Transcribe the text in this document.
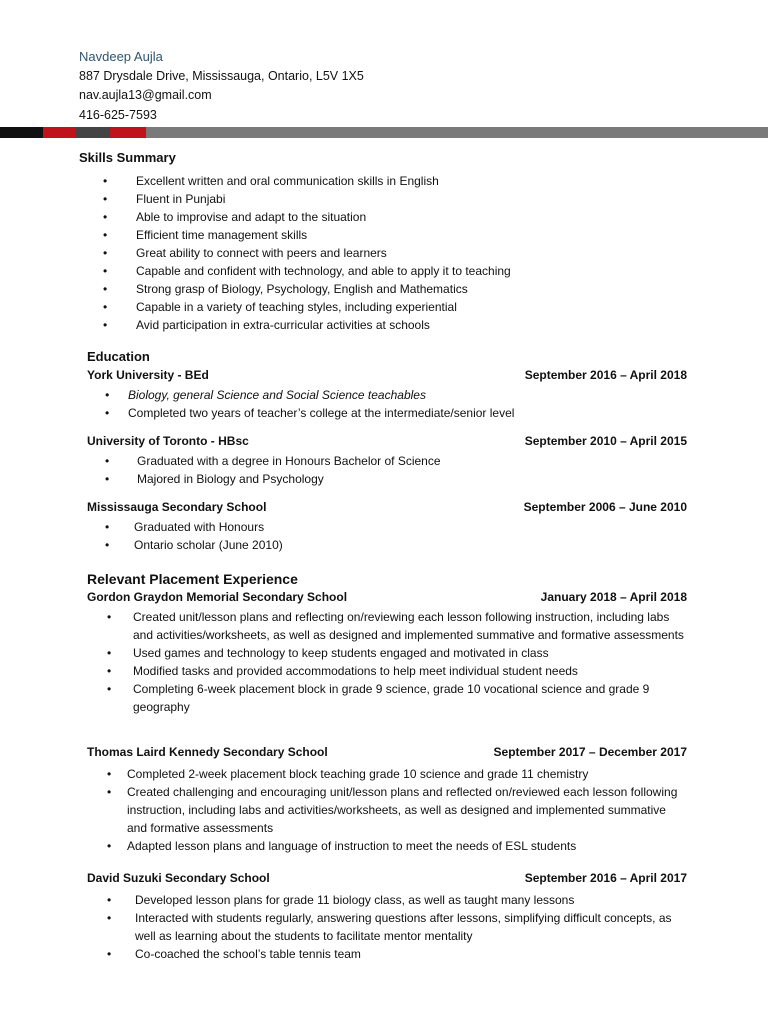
Navdeep Aujla
887 Drysdale Drive, Mississauga, Ontario, L5V 1X5
nav.aujla13@gmail.com
416-625-7593
Skills Summary
• Excellent written and oral communication skills in English
• Fluent in Punjabi
• Able to improvise and adapt to the situation
• Efficient time management skills
• Great ability to connect with peers and learners
• Capable and confident with technology, and able to apply it to teaching
• Strong grasp of Biology, Psychology, English and Mathematics
• Capable in a variety of teaching styles, including experiential
• Avid participation in extra-curricular activities at schools
Education
York University - BEd	September 2016 – April 2018
• Biology, general Science and Social Science teachables
• Completed two years of teacher’s college at the intermediate/senior level
University of Toronto - HBsc	September 2010 – April 2015
• Graduated with a degree in Honours Bachelor of Science
• Majored in Biology and Psychology
Mississauga Secondary School	September 2006 – June 2010
• Graduated with Honours
• Ontario scholar (June 2010)
Relevant Placement Experience
Gordon Graydon Memorial Secondary School	January 2018 – April 2018
• Created unit/lesson plans and reflecting on/reviewing each lesson following instruction, including labs and activities/worksheets, as well as designed and implemented summative and formative assessments
• Used games and technology to keep students engaged and motivated in class
• Modified tasks and provided accommodations to help meet individual student needs
• Completing 6-week placement block in grade 9 science, grade 10 vocational science and grade 9 geography
Thomas Laird Kennedy Secondary School	September 2017 – December 2017
• Completed 2-week placement block teaching grade 10 science and grade 11 chemistry
• Created challenging and encouraging unit/lesson plans and reflected on/reviewed each lesson following instruction, including labs and activities/worksheets, as well as designed and implemented summative and formative assessments
• Adapted lesson plans and language of instruction to meet the needs of ESL students
David Suzuki Secondary School	September 2016 – April 2017
• Developed lesson plans for grade 11 biology class, as well as taught many lessons
• Interacted with students regularly, answering questions after lessons, simplifying difficult concepts, as well as learning about the students to facilitate mentor mentality
• Co-coached the school’s table tennis team
